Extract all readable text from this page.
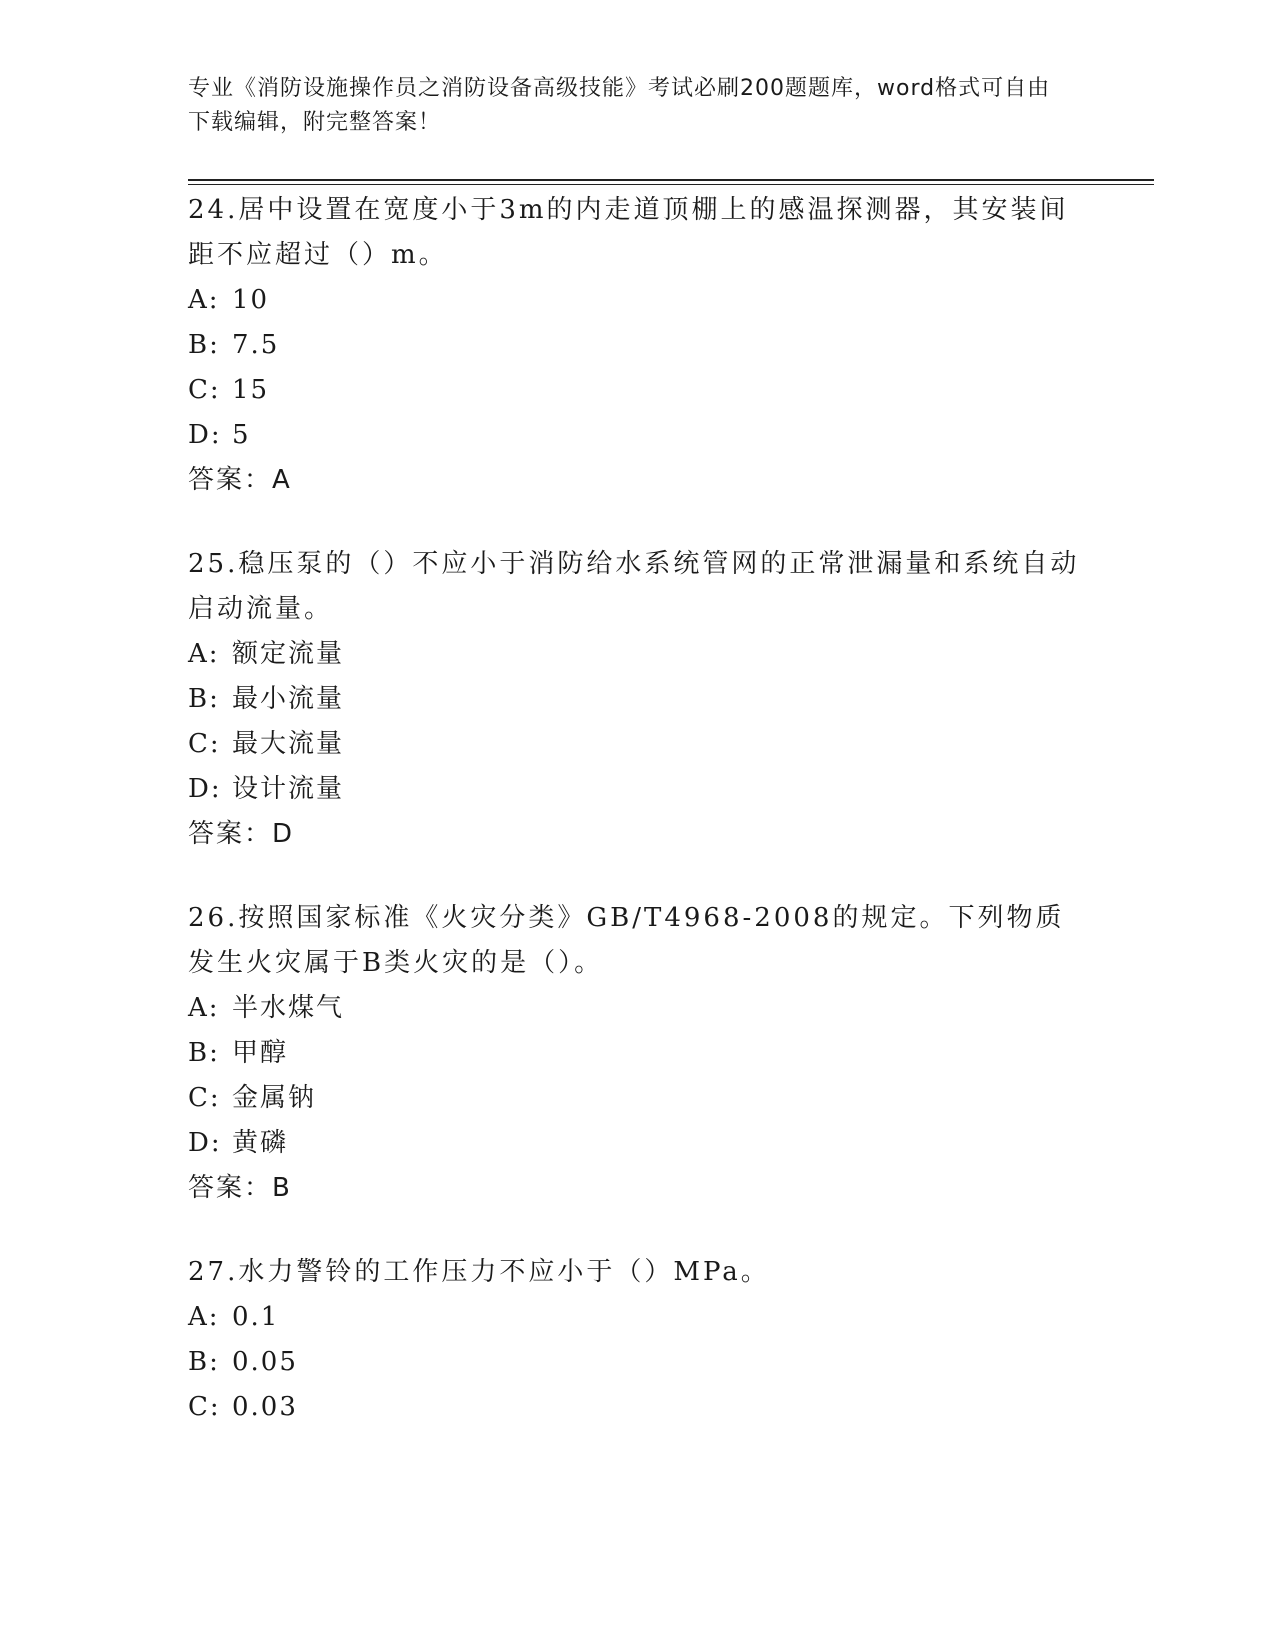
专业《消防设施操作员之消防设备高级技能》考试必刷200题题库，word格式可自由下载编辑，附完整答案！
24.居中设置在宽度小于3m的内走道顶棚上的感温探测器，其安装间距不应超过（）m。
A: 10
B: 7.5
C: 15
D: 5
答案：A
25.稳压泵的（）不应小于消防给水系统管网的正常泄漏量和系统自动启动流量。
A: 额定流量
B: 最小流量
C: 最大流量
D: 设计流量
答案：D
26.按照国家标准《火灾分类》GB/T4968-2008的规定。下列物质发生火灾属于B类火灾的是（）。
A: 半水煤气
B: 甲醇
C: 金属钠
D: 黄磷
答案：B
27.水力警铃的工作压力不应小于（）MPa。
A: 0.1
B: 0.05
C: 0.03
